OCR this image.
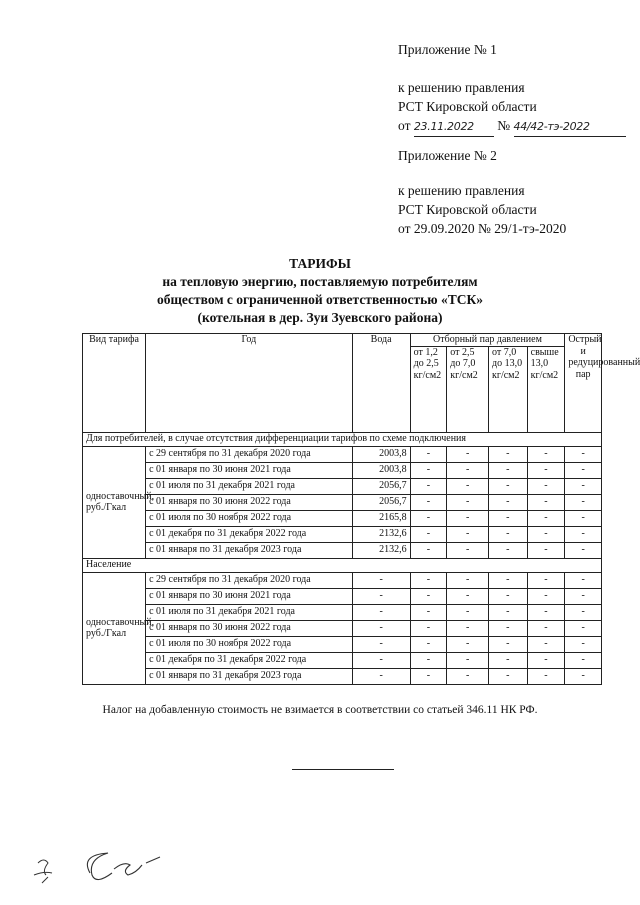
Приложение № 1
к решению правления
РСТ Кировской области
от 23.11.2022 № 44/42-тэ-2022
Приложение № 2
к решению правления
РСТ Кировской области
от 29.09.2020 № 29/1-тэ-2020
ТАРИФЫ
на тепловую энергию, поставляемую потребителям
обществом с ограниченной ответственностью «ТСК»
(котельная в дер. Зуи Зуевского района)
Вид тарифа	Год	Вода	Отборный пар давлением				Острый и редуцированный пар
			от 1,2 до 2,5 кг/см2	от 2,5 до 7,0 кг/см2	от 7,0 до 13,0 кг/см2	свыше 13,0 кг/см2	
Для потребителей, в случае отсутствия дифференциации тарифов по схеме подключения							
одноставочный, руб./Гкал	с 29 сентября по 31 декабря 2020 года	2003,8	-	-	-	-	-
	с 01 января по 30 июня 2021 года	2003,8	-	-	-	-	-
	с 01 июля по 31 декабря 2021 года	2056,7	-	-	-	-	-
	с 01 января по 30 июня 2022 года	2056,7	-	-	-	-	-
	с 01 июля по 30 ноября 2022 года	2165,8	-	-	-	-	-
	с 01 декабря по 31 декабря 2022 года	2132,6	-	-	-	-	-
	с 01 января по 31 декабря 2023 года	2132,6	-	-	-	-	-
Население							
одноставочный, руб./Гкал	с 29 сентября по 31 декабря 2020 года	-	-	-	-	-	-
	с 01 января по 30 июня 2021 года	-	-	-	-	-	-
	с 01 июля по 31 декабря 2021 года	-	-	-	-	-	-
	с 01 января по 30 июня 2022 года	-	-	-	-	-	-
	с 01 июля по 30 ноября 2022 года	-	-	-	-	-	-
	с 01 декабря по 31 декабря 2022 года	-	-	-	-	-	-
	с 01 января по 31 декабря 2023 года	-	-	-	-	-	-
Налог на добавленную стоимость не взимается в соответствии со статьей 346.11 НК РФ.
